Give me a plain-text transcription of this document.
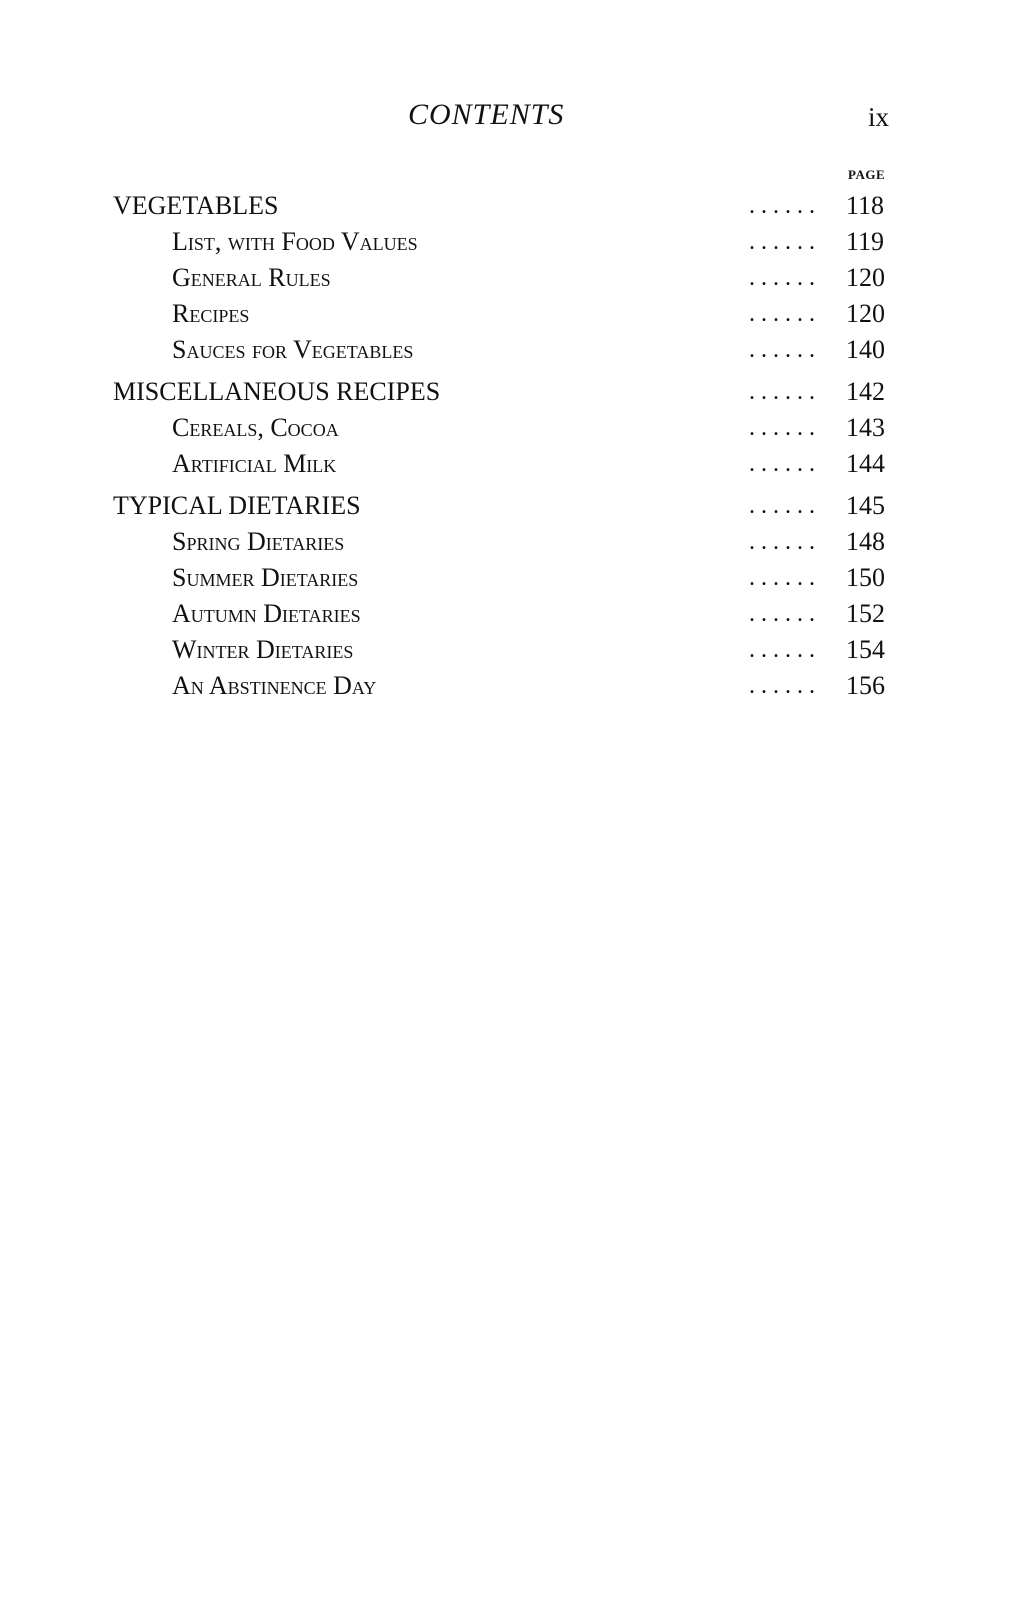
CONTENTS	ix
PAGE
VEGETABLES	. . . . . . 118
List, with Food Values	. . . . . . 119
General Rules	. . . . . . 120
Recipes	. . . . . . 120
Sauces for Vegetables	. . . . . . 140
MISCELLANEOUS RECIPES	. . . . . . 142
Cereals, Cocoa	. . . . . . 143
Artificial Milk	. . . . . . 144
TYPICAL DIETARIES	. . . . . . 145
Spring Dietaries	. . . . . . 148
Summer Dietaries	. . . . . . 150
Autumn Dietaries	. . . . . . 152
Winter Dietaries	. . . . . . 154
An Abstinence Day	. . . . . . 156
